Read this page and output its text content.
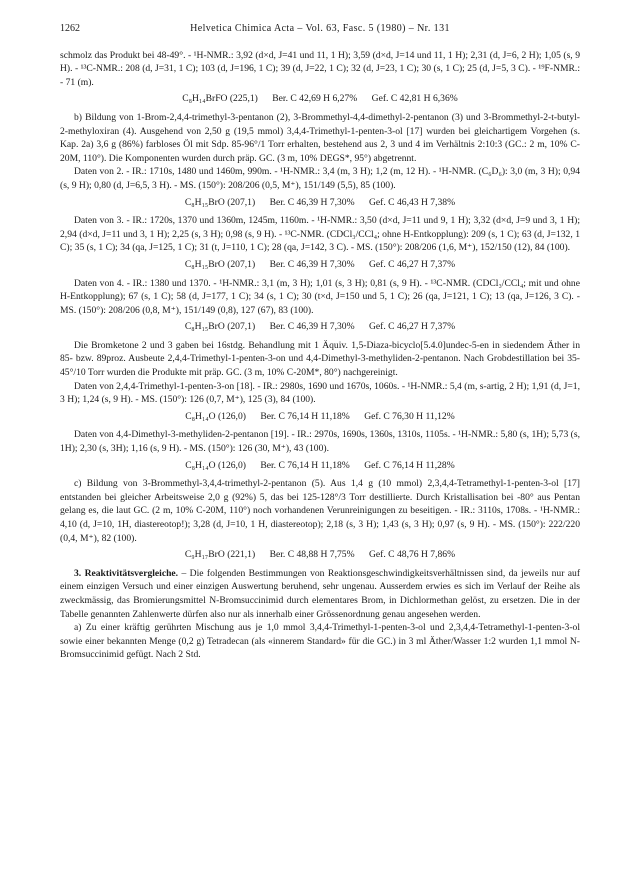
1262	Helvetica Chimica Acta – Vol. 63, Fasc. 5 (1980) – Nr. 131

schmolz das Produkt bei 48-49°. - ¹H-NMR.: 3,92 (d×d, J=41 und 11, 1 H); 3,59 (d×d, J=14 und 11, 1 H); 2,31 (d, J=6, 2 H); 1,05 (s, 9 H). - ¹³C-NMR.: 208 (d, J=31, 1 C); 103 (d, J=196, 1 C); 39 (d, J=22, 1 C); 32 (d, J=23, 1 C); 30 (s, 1 C); 25 (d, J=5, 3 C). - ¹⁹F-NMR.: - 71 (m).

C₈H₁₄BrFO (225,1) Ber. C 42,69 H 6,27% Gef. C 42,81 H 6,36%

b) Bildung von 1-Brom-2,4,4-trimethyl-3-pentanon (2), 3-Brommethyl-4,4-dimethyl-2-pentanon (3) und 3-Brommethyl-2-t-butyl-2-methyloxiran (4). Ausgehend von 2,50 g (19,5 mmol) 3,4,4-Trimethyl-1-penten-3-ol [17] wurden bei gleichartigem Vorgehen (s. Kap. 2a) 3,6 g (86%) farbloses Öl mit Sdp. 85-96°/1 Torr erhalten, bestehend aus 2, 3 und 4 im Verhältnis 2:10:3 (GC.: 2 m, 10% C-20M, 110°). Die Komponenten wurden durch präp. GC. (3 m, 10% DEGS*, 95°) abgetrennt.

Daten von 2. - IR.: 1710s, 1480 und 1460m, 990m. - ¹H-NMR.: 3,4 (m, 3 H); 1,2 (m, 12 H). - ¹H-NMR. (C₆D₆): 3,0 (m, 3 H); 0,94 (s, 9 H); 0,80 (d, J=6,5, 3 H). - MS. (150°): 208/206 (0,5, M⁺), 151/149 (5,5), 85 (100).

C₈H₁₅BrO (207,1) Ber. C 46,39 H 7,30% Gef. C 46,43 H 7,38%

Daten von 3. - IR.: 1720s, 1370 und 1360m, 1245m, 1160m. - ¹H-NMR.: 3,50 (d×d, J=11 und 9, 1 H); 3,32 (d×d, J=9 und 3, 1 H); 2,94 (d×d, J=11 und 3, 1 H); 2,25 (s, 3 H); 0,98 (s, 9 H). - ¹³C-NMR. (CDCl₃/CCl₄; ohne H-Entkopplung): 209 (s, 1 C); 63 (d, J=132, 1 C); 35 (s, 1 C); 34 (qa, J=125, 1 C); 31 (t, J=110, 1 C); 28 (qa, J=142, 3 C). - MS. (150°): 208/206 (1,6, M⁺), 152/150 (12), 84 (100).

C₈H₁₅BrO (207,1) Ber. C 46,39 H 7,30% Gef. C 46,27 H 7,37%

Daten von 4. - IR.: 1380 und 1370. - ¹H-NMR.: 3,1 (m, 3 H); 1,01 (s, 3 H); 0,81 (s, 9 H). - ¹³C-NMR. (CDCl₃/CCl₄; mit und ohne H-Entkopplung); 67 (s, 1 C); 58 (d, J=177, 1 C); 34 (s, 1 C); 30 (t×d, J=150 und 5, 1 C); 26 (qa, J=121, 1 C); 13 (qa, J=126, 3 C). - MS. (150°): 208/206 (0,8, M⁺), 151/149 (0,8), 127 (67), 83 (100).

C₈H₁₅BrO (207,1) Ber. C 46,39 H 7,30% Gef. C 46,27 H 7,37%

Die Bromketone 2 und 3 gaben bei 16stdg. Behandlung mit 1 Äquiv. 1,5-Diaza-bicyclo[5.4.0]undec-5-en in siedendem Äther in 85- bzw. 89proz. Ausbeute 2,4,4-Trimethyl-1-penten-3-on und 4,4-Dimethyl-3-methyliden-2-pentanon. Nach Grobdestillation bei 35-45°/10 Torr wurden die Produkte mit präp. GC. (3 m, 10% C-20M*, 80°) nachgereinigt.

Daten von 2,4,4-Trimethyl-1-penten-3-on [18]. - IR.: 2980s, 1690 und 1670s, 1060s. - ¹H-NMR.: 5,4 (m, s-artig, 2 H); 1,91 (d, J=1, 3 H); 1,24 (s, 9 H). - MS. (150°): 126 (0,7, M⁺), 125 (3), 84 (100).

C₈H₁₄O (126,0) Ber. C 76,14 H 11,18% Gef. C 76,30 H 11,12%

Daten von 4,4-Dimethyl-3-methyliden-2-pentanon [19]. - IR.: 2970s, 1690s, 1360s, 1310s, 1105s. - ¹H-NMR.: 5,80 (s, 1H); 5,73 (s, 1H); 2,30 (s, 3H); 1,16 (s, 9 H). - MS. (150°): 126 (30, M⁺), 43 (100).

C₈H₁₄O (126,0) Ber. C 76,14 H 11,18% Gef. C 76,14 H 11,28%

c) Bildung von 3-Brommethyl-3,4,4-trimethyl-2-pentanon (5). Aus 1,4 g (10 mmol) 2,3,4,4-Tetramethyl-1-penten-3-ol [17] entstanden bei gleicher Arbeitsweise 2,0 g (92%) 5, das bei 125-128°/3 Torr destillierte. Durch Kristallisation bei -80° aus Pentan gelang es, die laut GC. (2 m, 10% C-20M, 110°) noch vorhandenen Verunreinigungen zu beseitigen. - IR.: 3110s, 1708s. - ¹H-NMR.: 4,10 (d, J=10, 1H, diastereotop!); 3,28 (d, J=10, 1 H, diastereotop); 2,18 (s, 3 H); 1,43 (s, 3 H); 0,97 (s, 9 H). - MS. (150°): 222/220 (0,4, M⁺), 82 (100).

C₉H₁₇BrO (221,1) Ber. C 48,88 H 7,75% Gef. C 48,76 H 7,86%

3. Reaktivitätsvergleiche. – Die folgenden Bestimmungen von Reaktionsgeschwindigkeitsverhältnissen sind, da jeweils nur auf einem einzigen Versuch und einer einzigen Auswertung beruhend, sehr ungenau. Ausserdem erwies es sich im Verlauf der Reihe als zweckmässig, das Bromierungsmittel N-Bromsuccinimid durch elementares Brom, in Dichlormethan gelöst, zu ersetzen. Die in der Tabelle genannten Zahlenwerte dürfen also nur als innerhalb einer Grössenordnung genau angesehen werden.

a) Zu einer kräftig gerührten Mischung aus je 1,0 mmol 3,4,4-Trimethyl-1-penten-3-ol und 2,3,4,4-Tetramethyl-1-penten-3-ol sowie einer bekannten Menge (0,2 g) Tetradecan (als «innerem Standard» für die GC.) in 3 ml Äther/Wasser 1:2 wurden 1,1 mmol N-Bromsuccinimid gefügt. Nach 2 Std.
